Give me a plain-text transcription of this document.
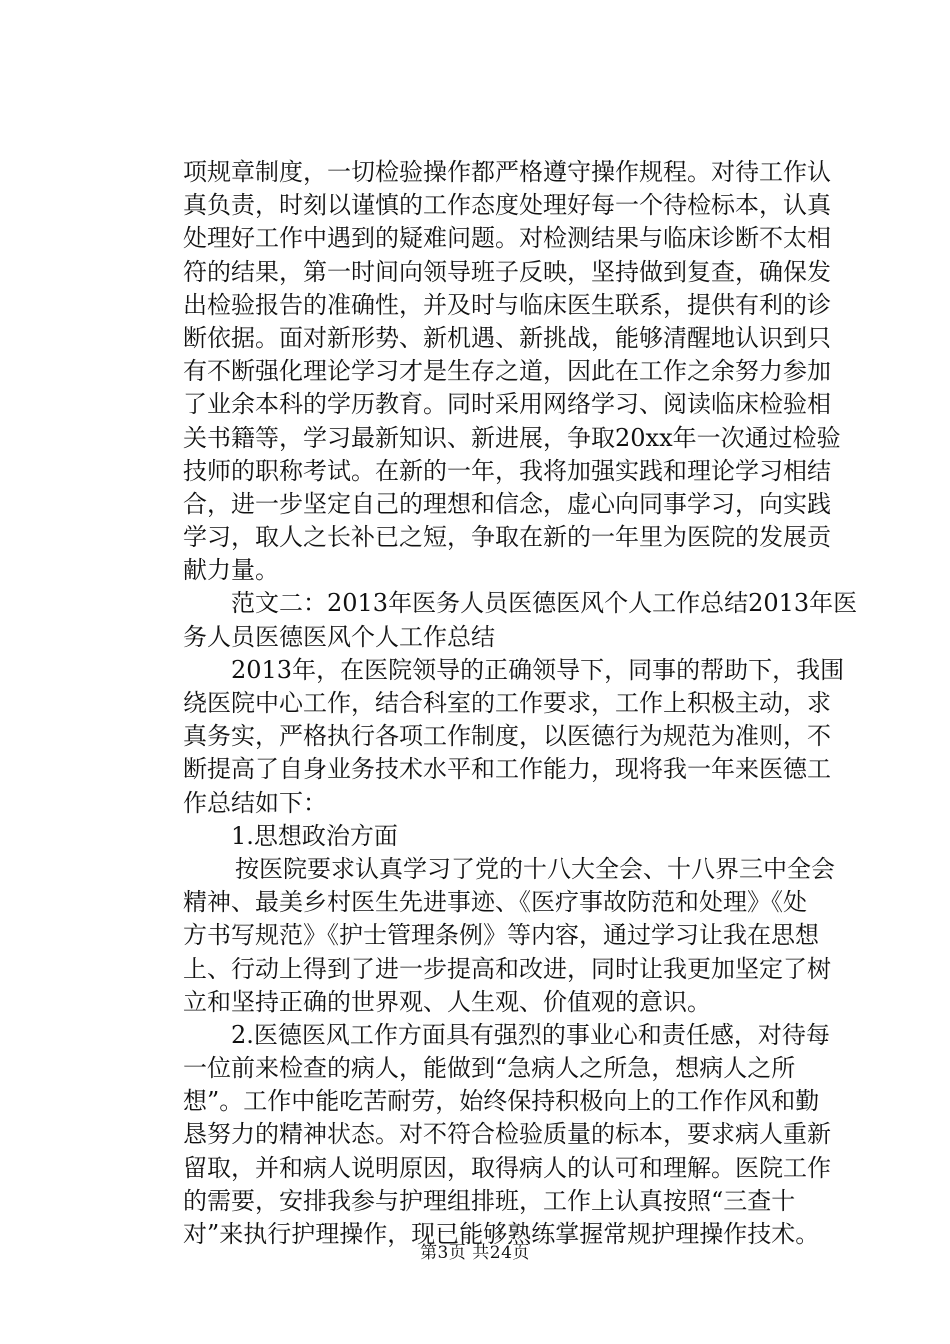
项规章制度，一切检验操作都严格遵守操作规程。对待工作认
真负责，时刻以谨慎的工作态度处理好每一个待检标本，认真
处理好工作中遇到的疑难问题。对检测结果与临床诊断不太相
符的结果，第一时间向领导班子反映，坚持做到复查，确保发
出检验报告的准确性，并及时与临床医生联系，提供有利的诊
断依据。面对新形势、新机遇、新挑战，能够清醒地认识到只
有不断强化理论学习才是生存之道，因此在工作之余努力参加
了业余本科的学历教育。同时采用网络学习、阅读临床检验相
关书籍等，学习最新知识、新进展，争取20xx年一次通过检验
技师的职称考试。在新的一年，我将加强实践和理论学习相结
合，进一步坚定自己的理想和信念，虚心向同事学习，向实践
学习，取人之长补已之短，争取在新的一年里为医院的发展贡
献力量。
范文二：2013年医务人员医德医风个人工作总结2013年医
务人员医德医风个人工作总结
2013年，在医院领导的正确领导下，同事的帮助下，我围
绕医院中心工作，结合科室的工作要求，工作上积极主动，求
真务实，严格执行各项工作制度，以医德行为规范为准则，不
断提高了自身业务技术水平和工作能力，现将我一年来医德工
作总结如下：
1.思想政治方面
按医院要求认真学习了党的十八大全会、十八界三中全会
精神、最美乡村医生先进事迹、《医疗事故防范和处理》《处
方书写规范》《护士管理条例》等内容，通过学习让我在思想
上、行动上得到了进一步提高和改进，同时让我更加坚定了树
立和坚持正确的世界观、人生观、价值观的意识。
2.医德医风工作方面具有强烈的事业心和责任感，对待每
一位前来检查的病人，能做到“急病人之所急，想病人之所
想”。工作中能吃苦耐劳，始终保持积极向上的工作作风和勤
恳努力的精神状态。对不符合检验质量的标本，要求病人重新
留取，并和病人说明原因，取得病人的认可和理解。医院工作
的需要，安排我参与护理组排班，工作上认真按照“三查十
对”来执行护理操作，现已能够熟练掌握常规护理操作技术。
第3页 共24页
